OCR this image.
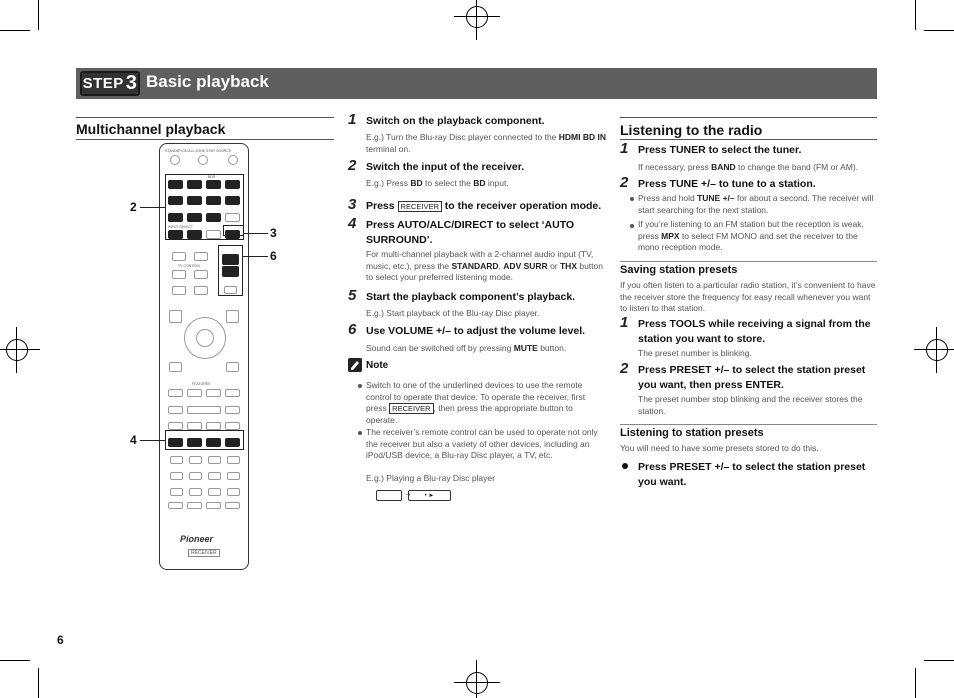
STEP 3 Basic playback
Multichannel playback
STANDBY/ON ALL ZONE STBY SOURCE
BDR
INPUT SELECT
TV CONTROL
FEATURES
Pioneer
RECEIVER
2
3
6
4
1 Switch on the playback component.
E.g.) Turn the Blu-ray Disc player connected to the HDMI BD IN terminal on.
2 Switch the input of the receiver.
E.g.) Press BD to select the BD input.
3 Press RECEIVER to the receiver operation mode.
4 Press AUTO/ALC/DIRECT to select ‘AUTO SURROUND’.
For multi-channel playback with a 2-channel audio input (TV, music, etc.), press the STANDARD, ADV SURR or THX button to select your preferred listening mode.
5 Start the playback component’s playback.
E.g.) Start playback of the Blu-ray Disc player.
6 Use VOLUME +/– to adjust the volume level.
Sound can be switched off by pressing MUTE button.
Note
Switch to one of the underlined devices to use the remote control to operate that device. To operate the receiver, first press RECEIVER , then press the appropriate button to operate.
The receiver’s remote control can be used to operate not only the receiver but also a variety of other devices, including an iPod/USB device, a Blu-ray Disc player, a TV, etc.
E.g.) Playing a Blu-ray Disc player
→	• ►
Listening to the radio
1 Press TUNER to select the tuner.
If necessary, press BAND to change the band (FM or AM).
2 Press TUNE +/– to tune to a station.
Press and hold TUNE +/– for about a second. The receiver will start searching for the next station.
If you’re listening to an FM station but the reception is weak, press MPX to select FM MONO and set the receiver to the mono reception mode.
Saving station presets
If you often listen to a particular radio station, it’s convenient to have the receiver store the frequency for easy recall whenever you want to listen to that station.
1 Press TOOLS while receiving a signal from the station you want to store.
The preset number is blinking.
2 Press PRESET +/– to select the station preset you want, then press ENTER.
The preset number stop blinking and the receiver stores the station.
Listening to station presets
You will need to have some presets stored to do this.
Press PRESET +/– to select the station preset you want.
6
